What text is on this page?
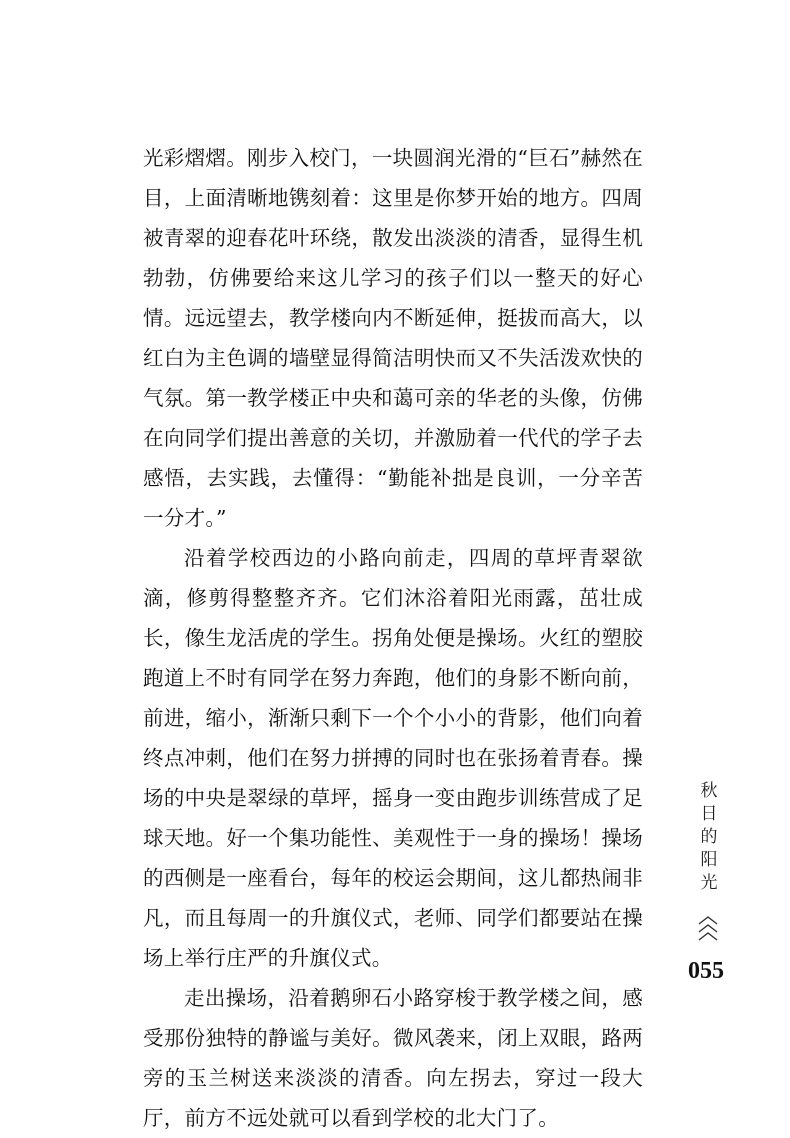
光彩熠熠。刚步入校门，一块圆润光滑的“巨石”赫然在目，上面清晰地镌刻着：这里是你梦开始的地方。四周被青翠的迎春花叶环绕，散发出淡淡的清香，显得生机勃勃，仿佛要给来这儿学习的孩子们以一整天的好心情。远远望去，教学楼向内不断延伸，挺拔而高大，以红白为主色调的墙壁显得简洁明快而又不失活泼欢快的气氛。第一教学楼正中央和蔼可亲的华老的头像，仿佛在向同学们提出善意的关切，并激励着一代代的学子去感悟，去实践，去懂得：“勤能补拙是良训，一分辛苦一分才。”

沿着学校西边的小路向前走，四周的草坪青翠欲滴，修剪得整整齐齐。它们沐浴着阳光雨露，茁壮成长，像生龙活虎的学生。拐角处便是操场。火红的塑胶跑道上不时有同学在努力奔跑，他们的身影不断向前，前进，缩小，渐渐只剩下一个个小小的背影，他们向着终点冲刺，他们在努力拼搏的同时也在张扬着青春。操场的中央是翠绿的草坪，摇身一变由跑步训练营成了足球天地。好一个集功能性、美观性于一身的操场！操场的西侧是一座看台，每年的校运会期间，这儿都热闹非凡，而且每周一的升旗仪式，老师、同学们都要站在操场上举行庄严的升旗仪式。

走出操场，沿着鹅卵石小路穿梭于教学楼之间，感受那份独特的静谧与美好。微风袭来，闭上双眼，路两旁的玉兰树送来淡淡的清香。向左拐去，穿过一段大厅，前方不远处就可以看到学校的北大门了。

秋
日
的
阳
光
055
